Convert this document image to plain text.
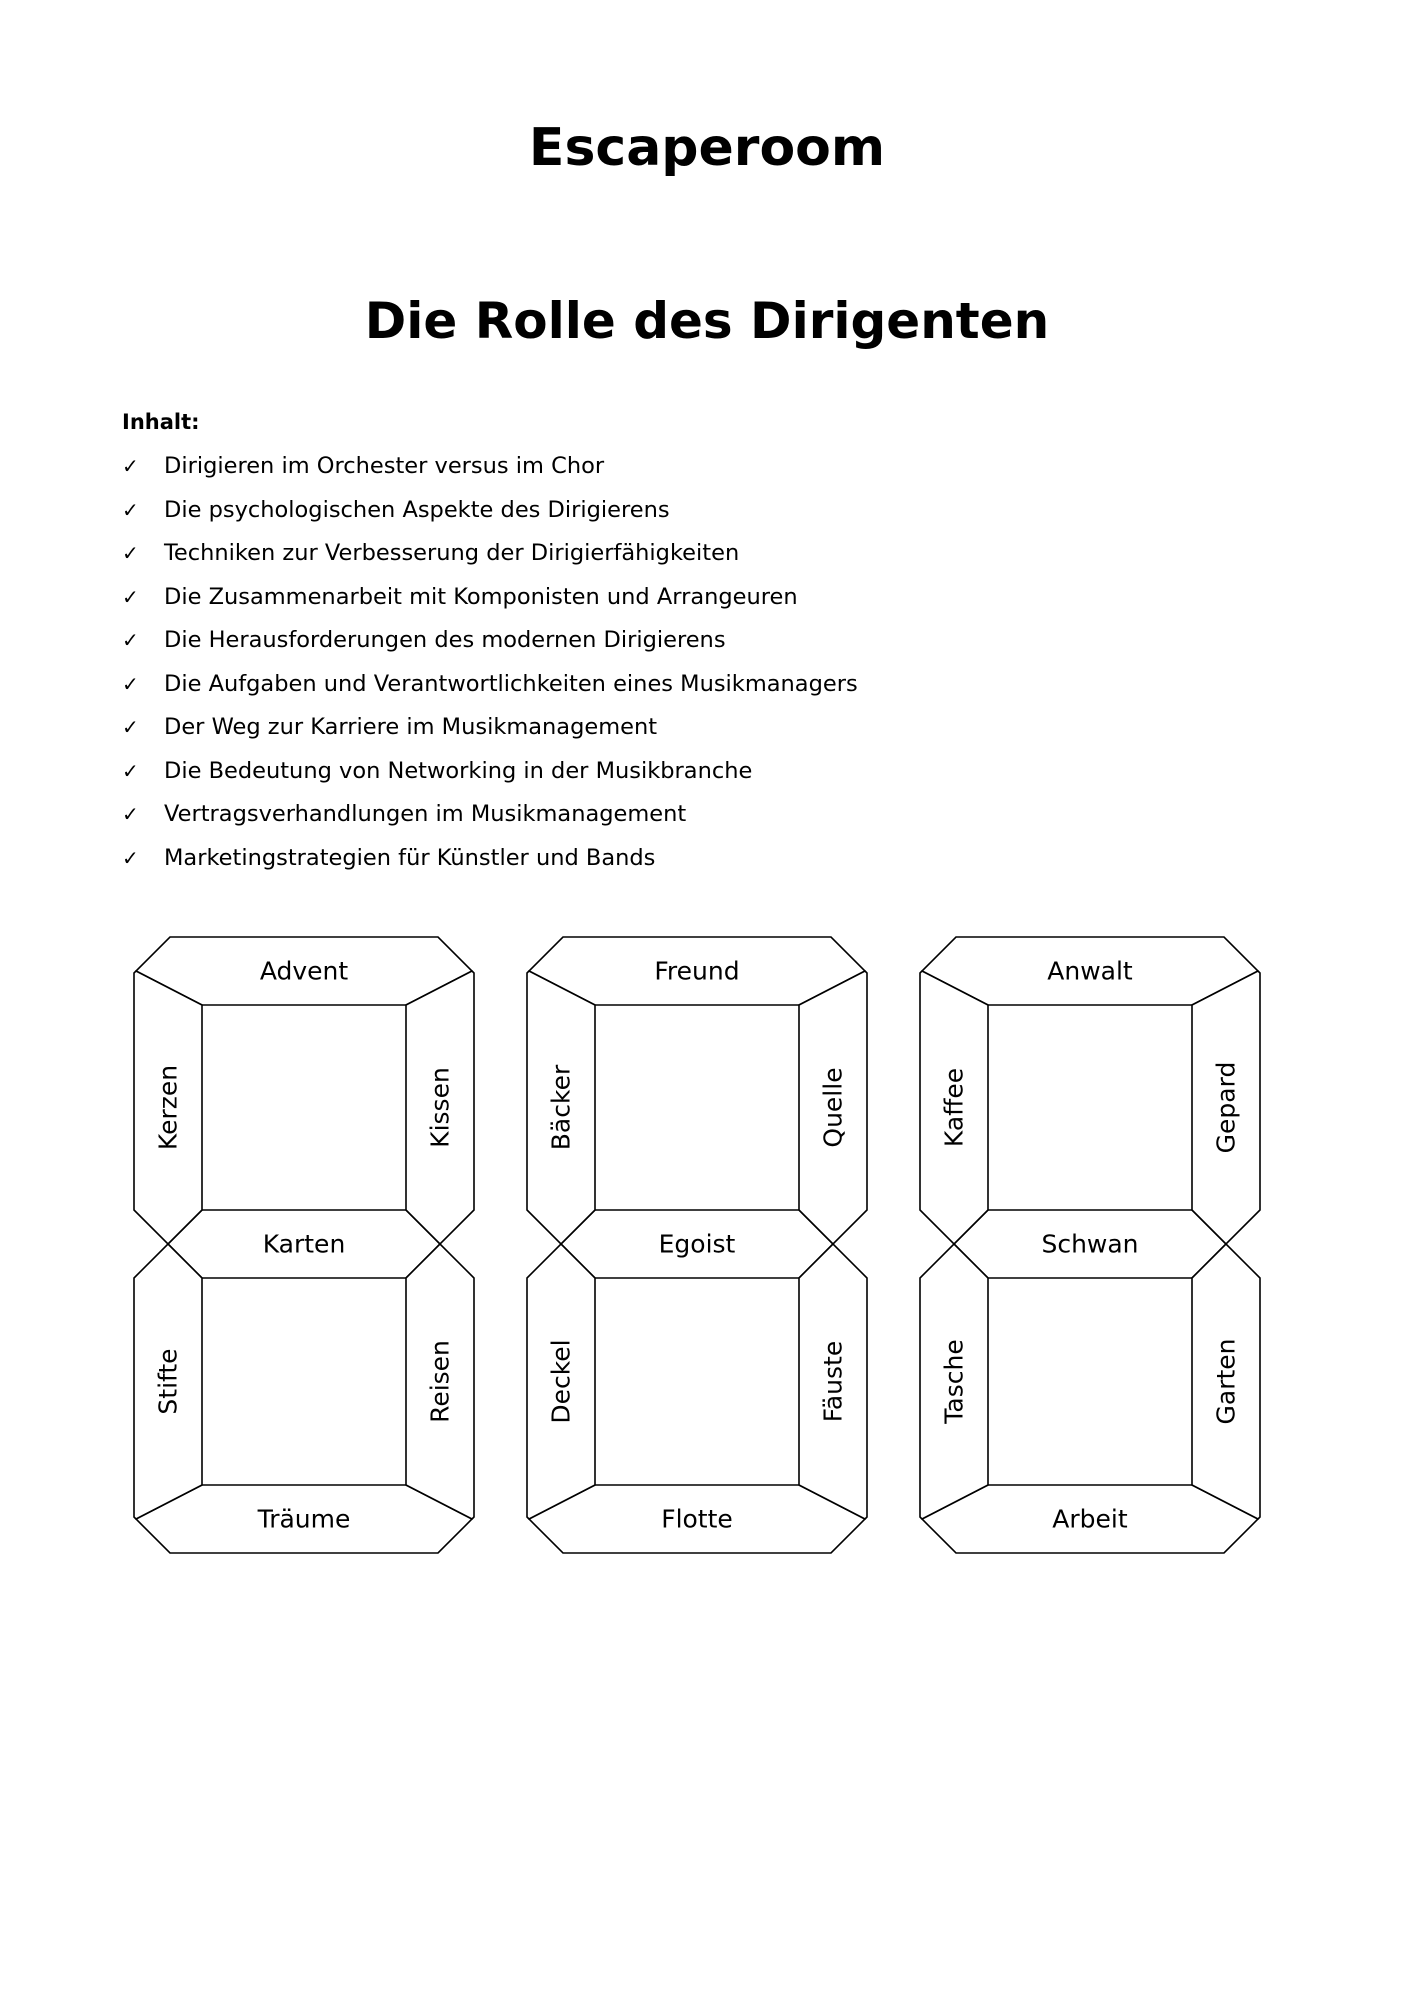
Escaperoom
Die Rolle des Dirigenten
Inhalt:
✓ Dirigieren im Orchester versus im Chor
✓ Die psychologischen Aspekte des Dirigierens
✓ Techniken zur Verbesserung der Dirigierfähigkeiten
✓ Die Zusammenarbeit mit Komponisten und Arrangeuren
✓ Die Herausforderungen des modernen Dirigierens
✓ Die Aufgaben und Verantwortlichkeiten eines Musikmanagers
✓ Der Weg zur Karriere im Musikmanagement
✓ Die Bedeutung von Networking in der Musikbranche
✓ Vertragsverhandlungen im Musikmanagement
✓ Marketingstrategien für Künstler und Bands
Advent
Karten
Träume
Kerzen	Kissen
Stifte	Reisen
Freund
Egoist
Flotte
Bäcker	Quelle
Deckel	Fäuste
Anwalt
Schwan
Arbeit
Kaffee	Gepard
Tasche	Garten
